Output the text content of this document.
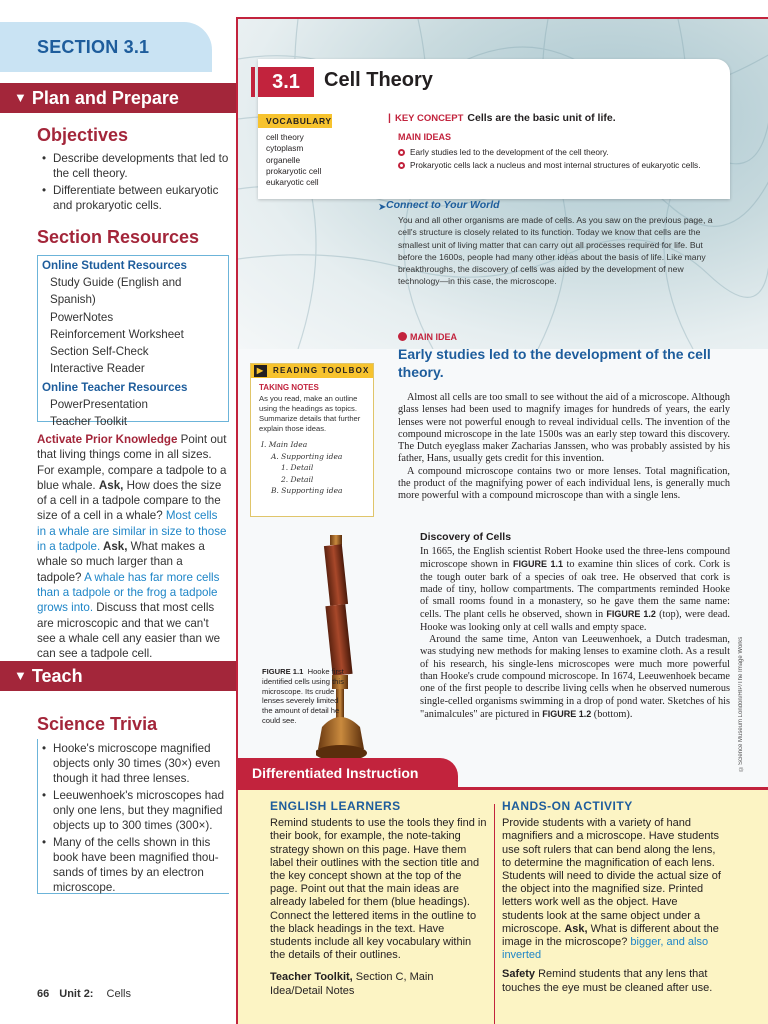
SECTION 3.1
▼ Plan and Prepare
Objectives
• Describe developments that led to the cell theory.
• Differentiate between eukaryotic and prokaryotic cells.
Section Resources
Online Student Resources
Study Guide (English and Spanish)
PowerNotes
Reinforcement Worksheet
Section Self-Check
Interactive Reader
Online Teacher Resources
PowerPresentation
Teacher Toolkit
Activate Prior Knowledge Point out that living things come in all sizes. For example, compare a tadpole to a blue whale. Ask, How does the size of a cell in a tadpole compare to the size of a cell in a whale? Most cells in a whale are similar in size to those in a tadpole. Ask, What makes a whale so much larger than a tadpole? A whale has far more cells than a tadpole or the frog a tadpole grows into. Discuss that most cells are microscopic and that we can't see a whale cell any easier than we can see a tadpole cell.
▼ Teach
Science Trivia
• Hooke's microscope magnified objects only 30 times (30×) even though it had three lenses.
• Leeuwenhoek's microscopes had only one lens, but they magnified objects up to 300 times (300×).
• Many of the cells shown in this book have been magnified thou-sands of times by an electron microscope.
66 Unit 2: Cells
3.1	Cell Theory
VOCABULARY
cell theory
cytoplasm
organelle
prokaryotic cell
eukaryotic cell
| KEY CONCEPT Cells are the basic unit of life.
MAIN IDEAS
Early studies led to the development of the cell theory.
Prokaryotic cells lack a nucleus and most internal structures of eukaryotic cells.
➤ Connect to Your World
You and all other organisms are made of cells. As you saw on the previous page, a cell's structure is closely related to its function. Today we know that cells are the smallest unit of living matter that can carry out all processes required for life. But before the 1600s, people had many other ideas about the basis of life. Like many breakthroughs, the discovery of cells was aided by the development of new technology—in this case, the microscope.
MAIN IDEA
Early studies led to the development of the cell theory.

Almost all cells are too small to see without the aid of a microscope. Although glass lenses had been used to magnify images for hundreds of years, the early lenses were not powerful enough to reveal individual cells. The invention of the compound microscope in the late 1500s was an early step toward this discovery. The Dutch eyeglass maker Zacharias Janssen, who was probably assisted by his father, Hans, usually gets credit for this invention.

A compound microscope contains two or more lenses. Total magnification, the product of the magnifying power of each individual lens, is generally much more powerful with a compound microscope than with a single lens.

▶	READING TOOLBOX
TAKING NOTES
As you read, make an outline using the headings as topics. Summarize details that further explain those ideas.
I. Main Idea
A. Supporting idea
1. Detail
2. Detail
B. Supporting idea
FIGURE 1.1 Hooke first identified cells using this microscope. Its crude lenses severely limited the amount of detail he could see.
Discovery of Cells

In 1665, the English scientist Robert Hooke used the three-lens compound microscope shown in FIGURE 1.1 to examine thin slices of cork. Cork is the tough outer bark of a species of oak tree. He observed that cork is made of tiny, hollow compartments. The compartments reminded Hooke of small rooms found in a monastery, so he gave them the same name: cells. The plant cells he observed, shown in FIGURE 1.2 (top), were dead. Hooke was looking only at cell walls and empty space.

Around the same time, Anton van Leeuwenhoek, a Dutch tradesman, was studying new methods for making lenses to examine cloth. As a result of his research, his single-lens microscopes were much more powerful than Hooke's crude compound microscope. In 1674, Leeuwenhoek became one of the first people to describe living cells when he observed numerous single-celled organisms swimming in a drop of pond water. Sketches of his "animalcules" are pictured in FIGURE 1.2 (bottom).	©Science Museum London/HIP/The Image Works
Differentiated Instruction
ENGLISH LEARNERS
Remind students to use the tools they find in their book, for example, the note-taking strategy shown on this page. Have them label their outlines with the section title and the key concept shown at the top of the page. Point out that the main ideas are already labeled for them (blue headings). Connect the lettered items in the outline to the black headings in the text. Have students include all key vocabulary within the details of their outlines.
Teacher Toolkit, Section C, Main Idea/Detail Notes
HANDS-ON ACTIVITY
Provide students with a variety of hand magnifiers and a microscope. Have students use soft rulers that can bend along the lens, to determine the magnification of each lens. Students will need to divide the actual size of the object into the magnified size. Printed letters work well as the object. Have students look at the same object under a microscope. Ask, What is different about the image in the microscope? bigger, and also inverted
Safety Remind students that any lens that touches the eye must be cleaned after use.
